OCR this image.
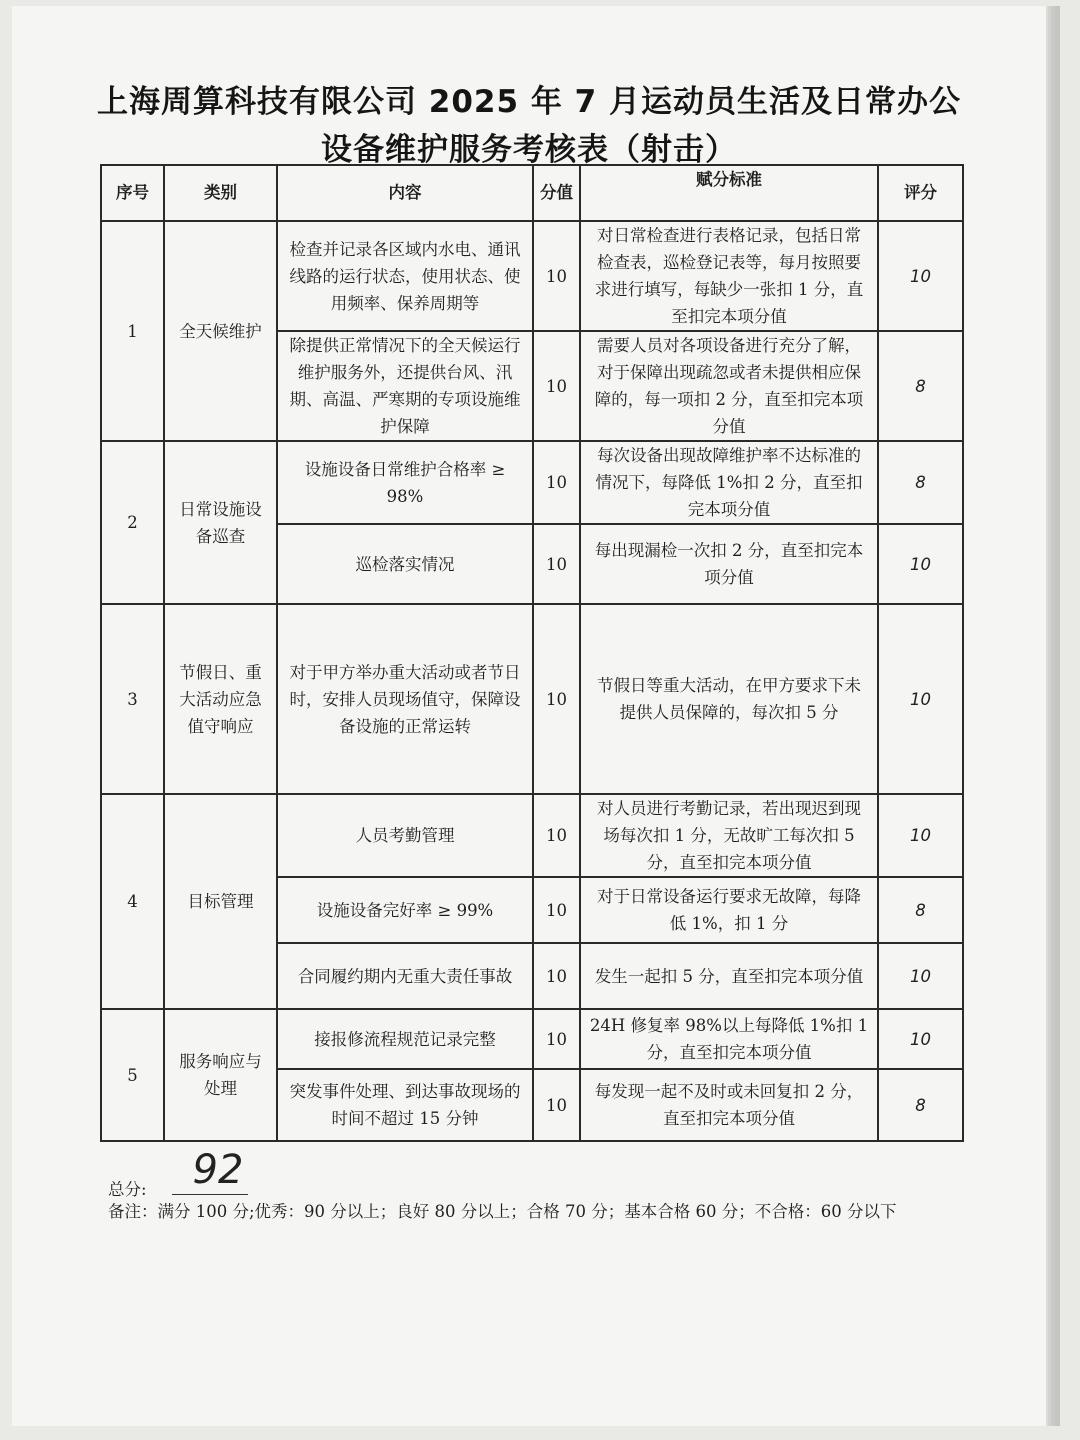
上海周算科技有限公司 2025 年 7 月运动员生活及日常办公
设备维护服务考核表（射击）
序号	类别	内容	分值	赋分标准	评分
1	全天候维护	检查并记录各区域内水电、通讯线路的运行状态，使用状态、使用频率、保养周期等	10	对日常检查进行表格记录，包括日常检查表，巡检登记表等，每月按照要求进行填写，每缺少一张扣 1 分，直至扣完本项分值	10
		除提供正常情况下的全天候运行维护服务外，还提供台风、汛期、高温、严寒期的专项设施维护保障	10	需要人员对各项设备进行充分了解，对于保障出现疏忽或者未提供相应保障的，每一项扣 2 分，直至扣完本项分值	8
2	日常设施设备巡查	设施设备日常维护合格率 ≥ 98%	10	每次设备出现故障维护率不达标准的情况下，每降低 1%扣 2 分，直至扣完本项分值	8
		巡检落实情况	10	每出现漏检一次扣 2 分，直至扣完本项分值	10
3	节假日、重大活动应急值守响应	对于甲方举办重大活动或者节日时，安排人员现场值守，保障设备设施的正常运转	10	节假日等重大活动，在甲方要求下未提供人员保障的，每次扣 5 分	10
4	目标管理	人员考勤管理	10	对人员进行考勤记录，若出现迟到现场每次扣 1 分，无故旷工每次扣 5 分，直至扣完本项分值	10
		设施设备完好率 ≥ 99%	10	对于日常设备运行要求无故障，每降低 1%，扣 1 分	8
		合同履约期内无重大责任事故	10	发生一起扣 5 分，直至扣完本项分值	10
5	服务响应与处理	接报修流程规范记录完整	10	24H 修复率 98%以上每降低 1%扣 1 分，直至扣完本项分值	10
		突发事件处理、到达事故现场的时间不超过 15 分钟	10	每发现一起不及时或未回复扣 2 分，直至扣完本项分值	8
总分: 92
备注：满分 100 分;优秀：90 分以上；良好 80 分以上；合格 70 分；基本合格 60 分；不合格：60 分以下
